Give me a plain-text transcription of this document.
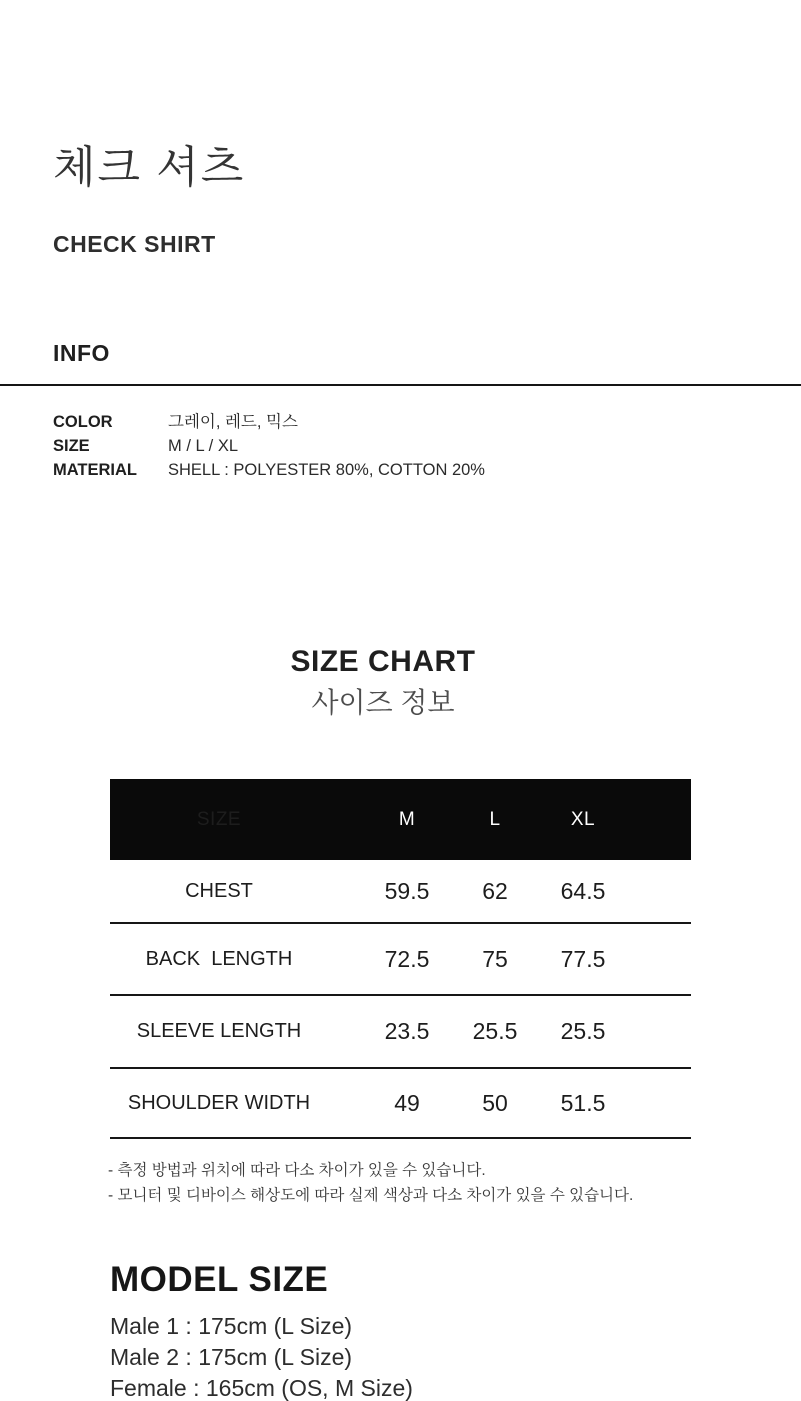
체크 셔츠
CHECK SHIRT
INFO
COLOR	그레이, 레드, 믹스
SIZE	M / L / XL
MATERIAL	SHELL : POLYESTER 80%, COTTON 20%
SIZE CHART
사이즈 정보
SIZE	M	L	XL
CHEST	59.5	62	64.5
BACK  LENGTH	72.5	75	77.5
SLEEVE LENGTH	23.5	25.5	25.5
SHOULDER WIDTH	49	50	51.5
- 측정 방법과 위치에 따라 다소 차이가 있을 수 있습니다.
- 모니터 및 디바이스 해상도에 따라 실제 색상과 다소 차이가 있을 수 있습니다.
MODEL SIZE
Male 1 : 175cm (L Size)
Male 2 : 175cm (L Size)
Female : 165cm (OS, M Size)
